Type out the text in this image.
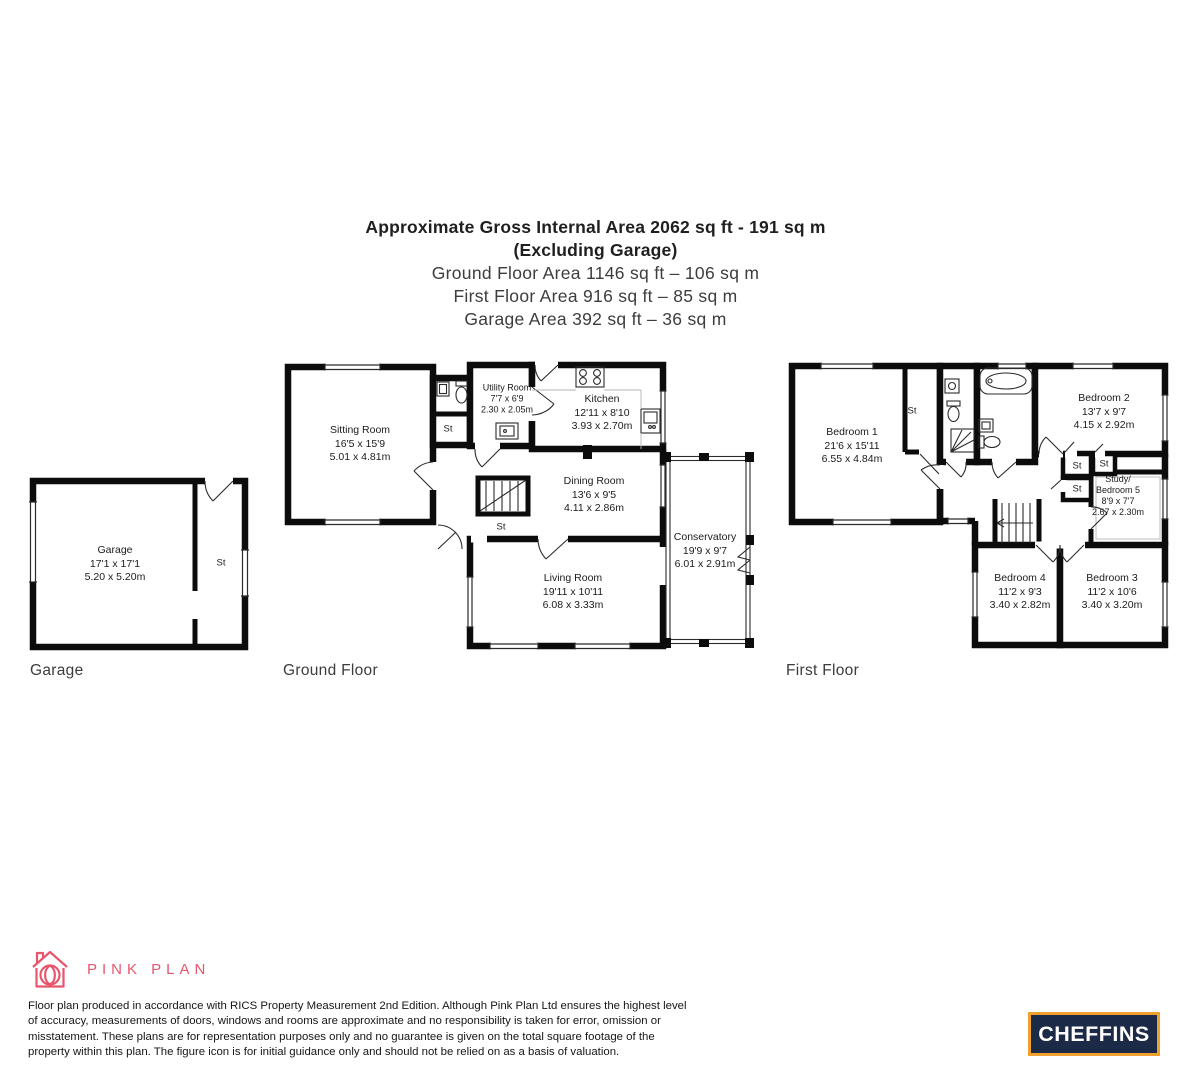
Approximate Gross Internal Area 2062 sq ft - 191 sq m
(Excluding Garage)
Ground Floor Area 1146 sq ft – 106 sq m
First Floor Area 916 sq ft – 85 sq m
Garage Area 392 sq ft – 36 sq m
Garage
17'1 x 17'1
5.20 x 5.20m
St
Sitting Room
16'5 x 15'9
5.01 x 4.81m
Utility Room
7'7 x 6'9
2.30 x 2.05m
Kitchen
12'11 x 8'10
3.93 x 2.70m
Dining Room
13'6 x 9'5
4.11 x 2.86m
Living Room
19'11 x 10'11
6.08 x 3.33m
Conservatory
19'9 x 9'7
6.01 x 2.91m
St
St	Bedroom 1
21'6 x 15'11
6.55 x 4.84m
Bedroom 2
13'7 x 9'7
4.15 x 2.92m
Study/
Bedroom 5
8'9 x 7'7
2.67 x 2.30m
Bedroom 4
11'2 x 9'3
3.40 x 2.82m
Bedroom 3
11'2 x 10'6
3.40 x 3.20m
St
St St
St
Garage	Ground Floor	First Floor
PINK PLAN
Floor plan produced in accordance with RICS Property Measurement 2nd Edition. Although Pink Plan Ltd ensures the highest level of accuracy, measurements of doors, windows and rooms are approximate and no responsibility is taken for error, omission or misstatement. These plans are for representation purposes only and no guarantee is given on the total square footage of the property within this plan. The figure icon is for initial guidance only and should not be relied on as a basis of valuation.
CHEFFINS
